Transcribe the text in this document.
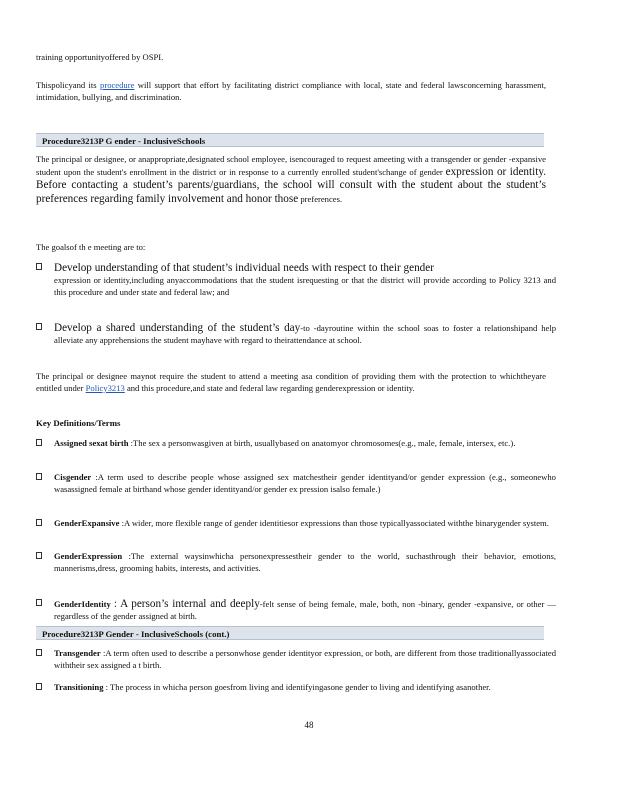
training opportunityoffered by OSPI.

Thispolicyand its procedure will support that effort by facilitating district compliance with local, state and federal lawsconcerning harassment, intimidation, bullying, and discrimination.

Procedure3213P G ender - InclusiveSchools

The principal or designee, or anappropriate,designated school employee, isencouraged to request ameeting with a transgender or gender -expansive student upon the student's enrollment in the district or in response to a currently enrolled student'schange of gender expression or identity. Before contacting a student’s parents/guardians, the school will consult with the student about the student’s preferences regarding family involvement and honor those preferences.

The goalsof th e meeting are to:

Develop understanding of that student’s individual needs with respect to their gender
expression or identity,including anyaccommodations that the student isrequesting or that the district will provide according to Policy 3213 and this procedure and under state and federal law; and
Develop a shared understanding of the student’s day-to -dayroutine within the school soas to foster a relationshipand help alleviate any apprehensions the student mayhave with regard to theirattendance at school.

The principal or designee maynot require the student to attend a meeting asa condition of providing them with the protection to whichtheyare entitled under Policy3213 and this procedure,and state and federal law regarding genderexpression or identity.

Key Definitions/Terms
Assigned sexat birth :The sex a personwasgiven at birth, usuallybased on anatomyor chromosomes(e.g., male, female, intersex, etc.).
Cisgender :A term used to describe people whose assigned sex matchestheir gender identityand/or gender expression (e.g., someonewho wasassigned female at birthand whose gender identityand/or gender ex pression isalso female.)
GenderExpansive :A wider, more flexible range of gender identitiesor expressions than those typicallyassociated withthe binarygender system.
GenderExpression :The external waysinwhicha personexpressestheir gender to the world, suchasthrough their behavior, emotions, mannerisms,dress, grooming habits, interests, and activities.
GenderIdentity : A person’s internal and deeply-felt sense of being female, male, both, non -binary, gender -expansive, or other —regardless of the gender assigned at birth.
Procedure3213P Gender - InclusiveSchools (cont.)
Transgender :A term often used to describe a personwhose gender identityor expression, or both, are different from those traditionallyassociated withtheir sex assigned a t birth.
Transitioning : The process in whicha person goesfrom living and identifyingasone gender to living and identifying asanother.
48
